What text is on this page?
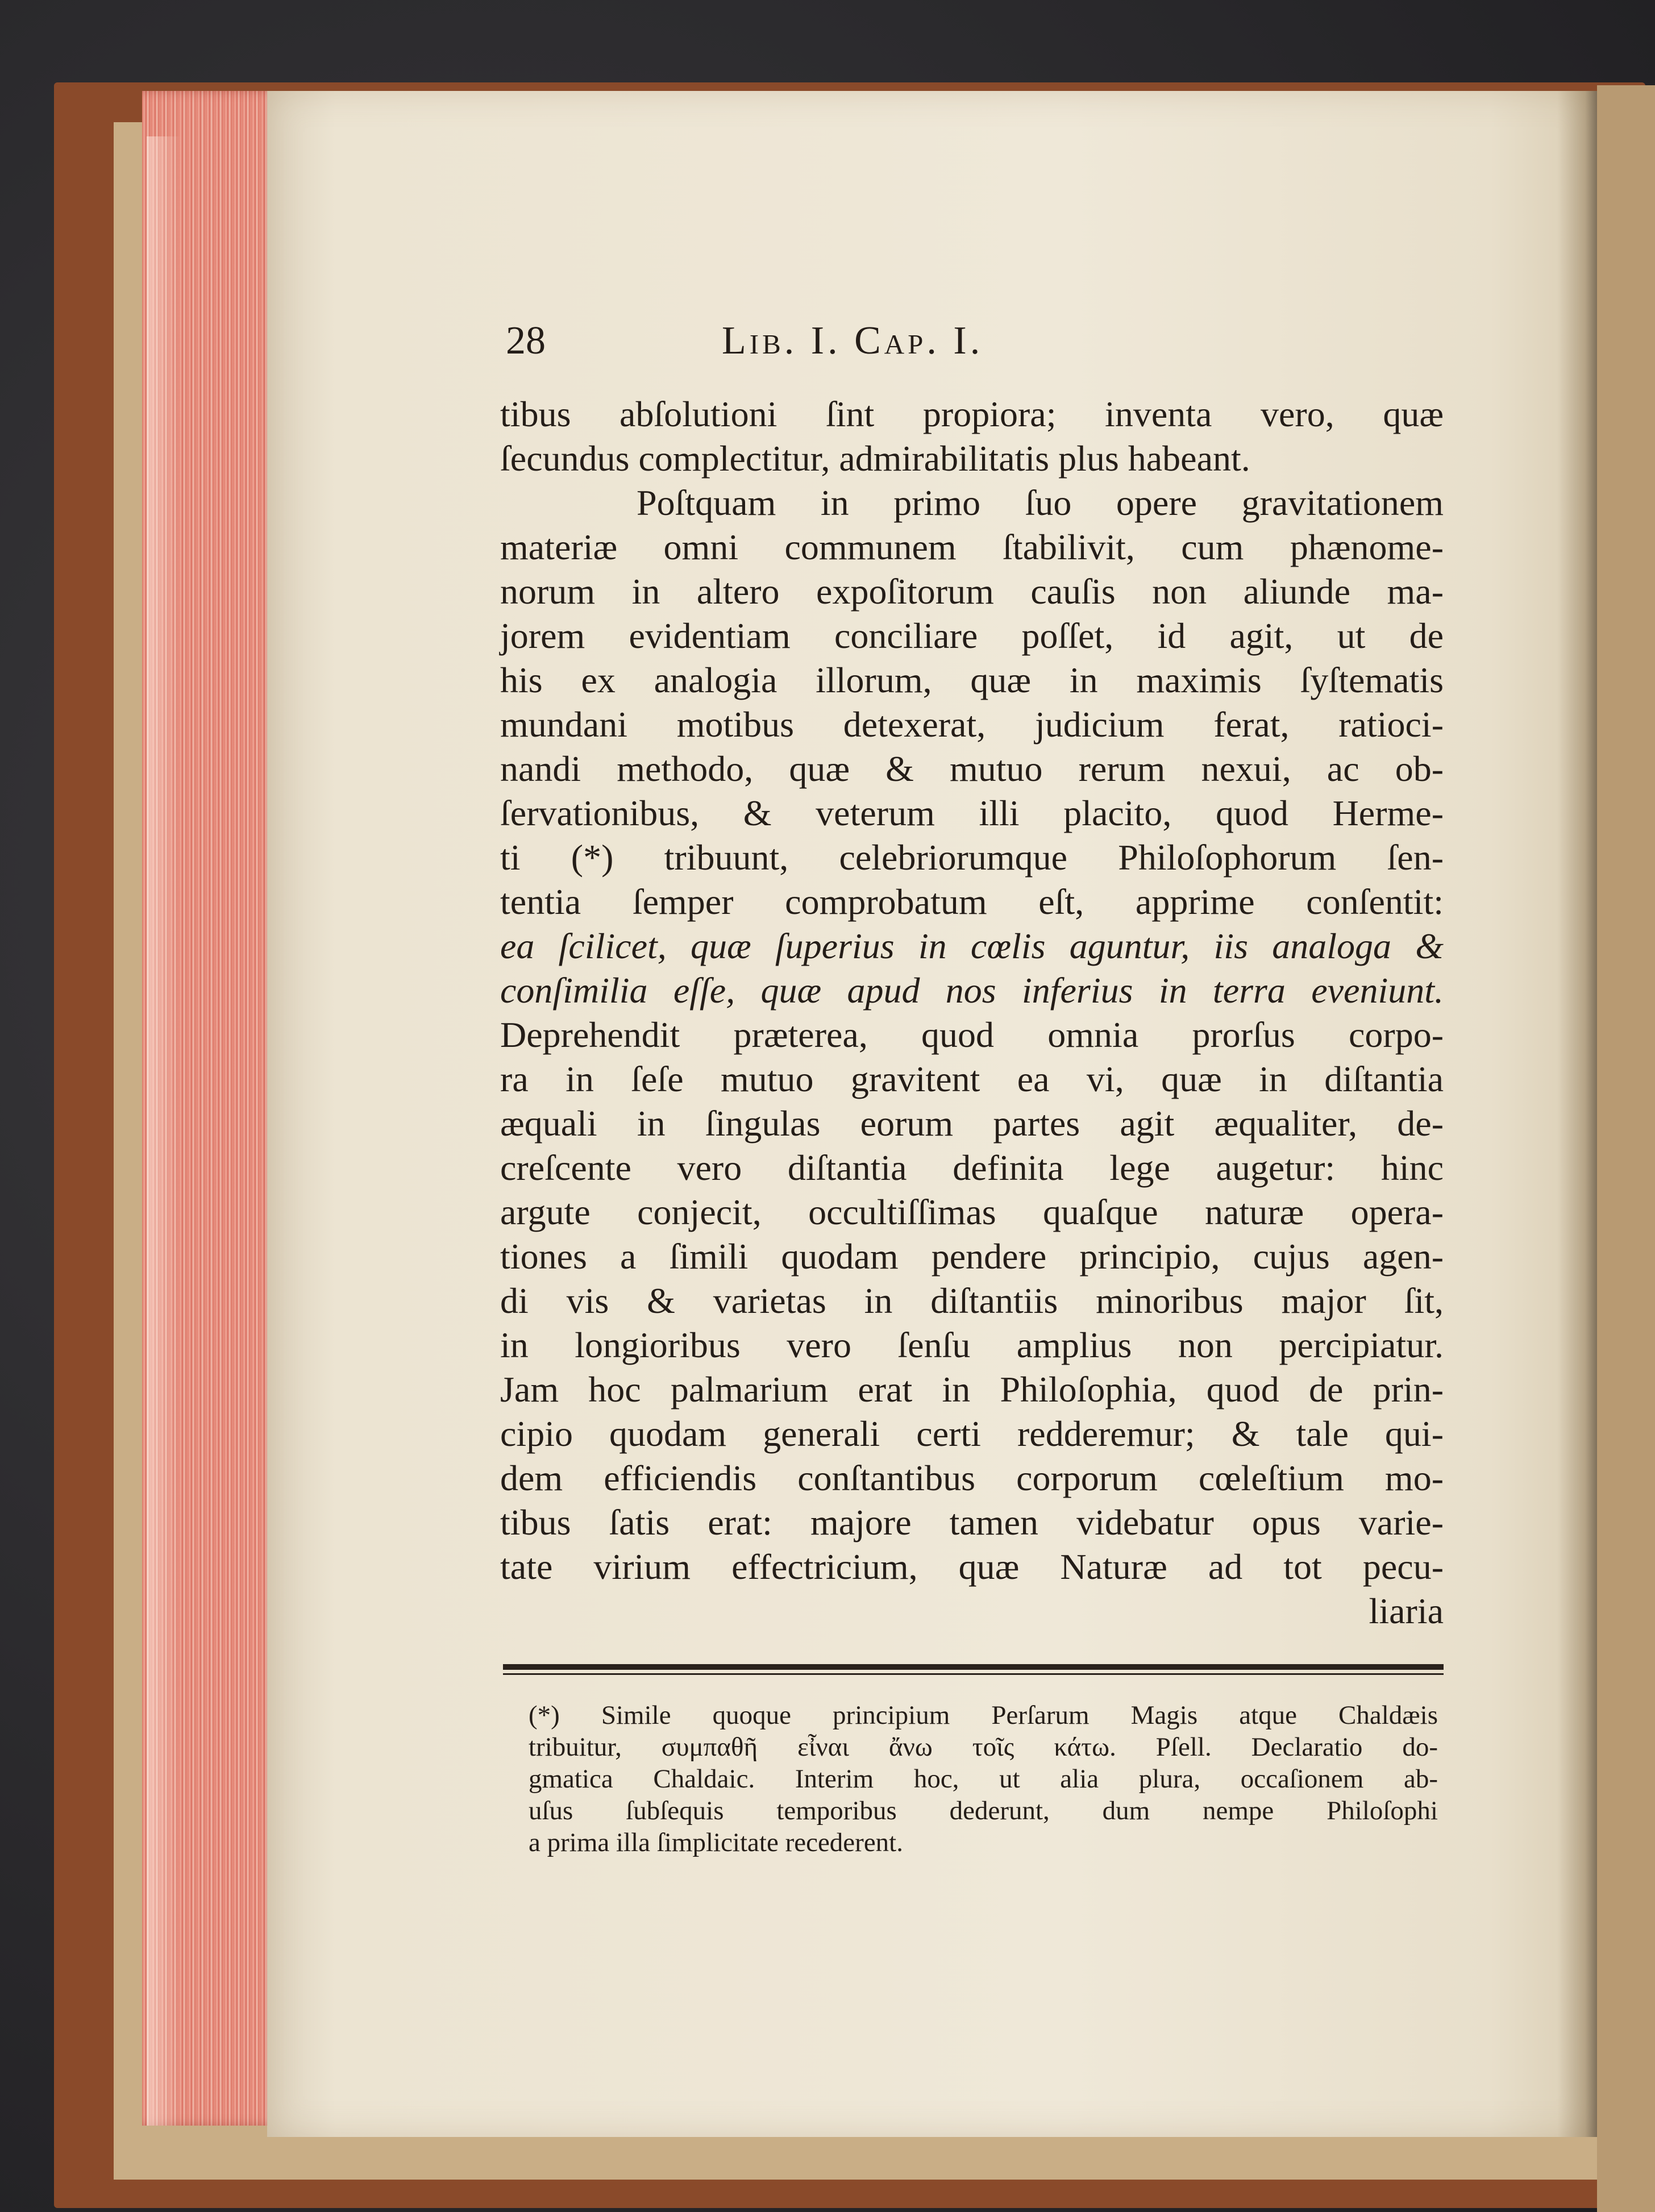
28	Lib. I. Cap. I.
tibus abſolutioni ſint propiora; inventa vero, quæ
ſecundus complectitur, admirabilitatis plus habeant.
Poſtquam in primo ſuo opere gravitationem
materiæ omni communem ſtabilivit, cum phænome-
norum in altero expoſitorum cauſis non aliunde ma-
jorem evidentiam conciliare poſſet, id agit, ut de
his ex analogia illorum, quæ in maximis ſyſtematis
mundani motibus detexerat, judicium ferat, ratioci-
nandi methodo, quæ & mutuo rerum nexui, ac ob-
ſervationibus, & veterum illi placito, quod Herme-
ti (*) tribuunt, celebriorumque Philoſophorum ſen-
tentia ſemper comprobatum eſt, apprime conſentit:
ea ſcilicet, quæ ſuperius in cœlis aguntur, iis analoga &
conſimilia eſſe, quæ apud nos inferius in terra eveniunt.
Deprehendit præterea, quod omnia prorſus corpo-
ra in ſeſe mutuo gravitent ea vi, quæ in diſtantia
æquali in ſingulas eorum partes agit æqualiter, de-
creſcente vero diſtantia definita lege augetur: hinc
argute conjecit, occultiſſimas quaſque naturæ opera-
tiones a ſimili quodam pendere principio, cujus agen-
di vis & varietas in diſtantiis minoribus major ſit,
in longioribus vero ſenſu amplius non percipiatur.
Jam hoc palmarium erat in Philoſophia, quod de prin-
cipio quodam generali certi redderemur; & tale qui-
dem efficiendis conſtantibus corporum cœleſtium mo-
tibus ſatis erat: majore tamen videbatur opus varie-
tate virium effectricium, quæ Naturæ ad tot pecu-
liaria
(*) Simile quoque principium Perſarum Magis atque Chaldæis
tribuitur, συμπαθῆ εἶναι ἄνω τοῖς κάτω. Pſell. Declaratio do-
gmatica Chaldaic. Interim hoc, ut alia plura, occaſionem ab-
uſus ſubſequis temporibus dederunt, dum nempe Philoſophi
a prima illa ſimplicitate recederent.
